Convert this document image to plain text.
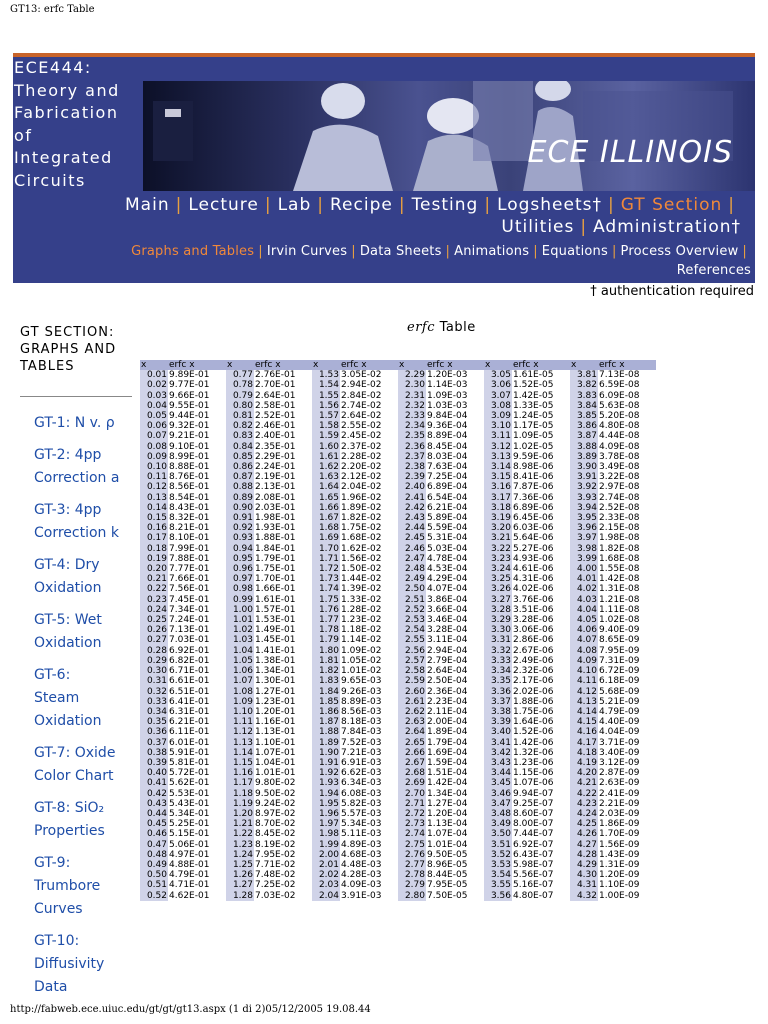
GT13: erfc Table
ECE444:
Theory and
Fabrication
of
Integrated
Circuits
ECE ILLINOIS
Main | Lecture | Lab | Recipe | Testing | Logsheets† | GT Section |
Utilities | Administration†
Graphs and Tables | Irvin Curves | Data Sheets | Animations | Equations | Process Overview |
References
† authentication required
GT SECTION:
GRAPHS AND
TABLES
GT-1: N v. ρ
GT-2: 4pp
Correction a
GT-3: 4pp
Correction k
GT-4: Dry
Oxidation
GT-5: Wet
Oxidation
GT-6:
Steam
Oxidation
GT-7: Oxide
Color Chart
GT-8: SiO₂
Properties
GT-9:
Trumbore
Curves
GT-10:
Diffusivity
Data
erfc Table
x	erfc x	x	erfc x	x	erfc x	x	erfc x	x	erfc x	x	erfc x
0.01	9.89E-01	0.77	2.76E-01	1.53	3.05E-02	2.29	1.20E-03	3.05	1.61E-05	3.81	7.13E-08
0.02	9.77E-01	0.78	2.70E-01	1.54	2.94E-02	2.30	1.14E-03	3.06	1.52E-05	3.82	6.59E-08
0.03	9.66E-01	0.79	2.64E-01	1.55	2.84E-02	2.31	1.09E-03	3.07	1.42E-05	3.83	6.09E-08
0.04	9.55E-01	0.80	2.58E-01	1.56	2.74E-02	2.32	1.03E-03	3.08	1.33E-05	3.84	5.63E-08
0.05	9.44E-01	0.81	2.52E-01	1.57	2.64E-02	2.33	9.84E-04	3.09	1.24E-05	3.85	5.20E-08
0.06	9.32E-01	0.82	2.46E-01	1.58	2.55E-02	2.34	9.36E-04	3.10	1.17E-05	3.86	4.80E-08
0.07	9.21E-01	0.83	2.40E-01	1.59	2.45E-02	2.35	8.89E-04	3.11	1.09E-05	3.87	4.44E-08
0.08	9.10E-01	0.84	2.35E-01	1.60	2.37E-02	2.36	8.45E-04	3.12	1.02E-05	3.88	4.09E-08
0.09	8.99E-01	0.85	2.29E-01	1.61	2.28E-02	2.37	8.03E-04	3.13	9.59E-06	3.89	3.78E-08
0.10	8.88E-01	0.86	2.24E-01	1.62	2.20E-02	2.38	7.63E-04	3.14	8.98E-06	3.90	3.49E-08
0.11	8.76E-01	0.87	2.19E-01	1.63	2.12E-02	2.39	7.25E-04	3.15	8.41E-06	3.91	3.22E-08
0.12	8.56E-01	0.88	2.13E-01	1.64	2.04E-02	2.40	6.89E-04	3.16	7.87E-06	3.92	2.97E-08
0.13	8.54E-01	0.89	2.08E-01	1.65	1.96E-02	2.41	6.54E-04	3.17	7.36E-06	3.93	2.74E-08
0.14	8.43E-01	0.90	2.03E-01	1.66	1.89E-02	2.42	6.21E-04	3.18	6.89E-06	3.94	2.52E-08
0.15	8.32E-01	0.91	1.98E-01	1.67	1.82E-02	2.43	5.89E-04	3.19	6.45E-06	3.95	2.33E-08
0.16	8.21E-01	0.92	1.93E-01	1.68	1.75E-02	2.44	5.59E-04	3.20	6.03E-06	3.96	2.15E-08
0.17	8.10E-01	0.93	1.88E-01	1.69	1.68E-02	2.45	5.31E-04	3.21	5.64E-06	3.97	1.98E-08
0.18	7.99E-01	0.94	1.84E-01	1.70	1.62E-02	2.46	5.03E-04	3.22	5.27E-06	3.98	1.82E-08
0.19	7.88E-01	0.95	1.79E-01	1.71	1.56E-02	2.47	4.78E-04	3.23	4.93E-06	3.99	1.68E-08
0.20	7.77E-01	0.96	1.75E-01	1.72	1.50E-02	2.48	4.53E-04	3.24	4.61E-06	4.00	1.55E-08
0.21	7.66E-01	0.97	1.70E-01	1.73	1.44E-02	2.49	4.29E-04	3.25	4.31E-06	4.01	1.42E-08
0.22	7.56E-01	0.98	1.66E-01	1.74	1.39E-02	2.50	4.07E-04	3.26	4.02E-06	4.02	1.31E-08
0.23	7.45E-01	0.99	1.61E-01	1.75	1.33E-02	2.51	3.86E-04	3.27	3.76E-06	4.03	1.21E-08
0.24	7.34E-01	1.00	1.57E-01	1.76	1.28E-02	2.52	3.66E-04	3.28	3.51E-06	4.04	1.11E-08
0.25	7.24E-01	1.01	1.53E-01	1.77	1.23E-02	2.53	3.46E-04	3.29	3.28E-06	4.05	1.02E-08
0.26	7.13E-01	1.02	1.49E-01	1.78	1.18E-02	2.54	3.28E-04	3.30	3.06E-06	4.06	9.40E-09
0.27	7.03E-01	1.03	1.45E-01	1.79	1.14E-02	2.55	3.11E-04	3.31	2.86E-06	4.07	8.65E-09
0.28	6.92E-01	1.04	1.41E-01	1.80	1.09E-02	2.56	2.94E-04	3.32	2.67E-06	4.08	7.95E-09
0.29	6.82E-01	1.05	1.38E-01	1.81	1.05E-02	2.57	2.79E-04	3.33	2.49E-06	4.09	7.31E-09
0.30	6.71E-01	1.06	1.34E-01	1.82	1.01E-02	2.58	2.64E-04	3.34	2.32E-06	4.10	6.72E-09
0.31	6.61E-01	1.07	1.30E-01	1.83	9.65E-03	2.59	2.50E-04	3.35	2.17E-06	4.11	6.18E-09
0.32	6.51E-01	1.08	1.27E-01	1.84	9.26E-03	2.60	2.36E-04	3.36	2.02E-06	4.12	5.68E-09
0.33	6.41E-01	1.09	1.23E-01	1.85	8.89E-03	2.61	2.23E-04	3.37	1.88E-06	4.13	5.21E-09
0.34	6.31E-01	1.10	1.20E-01	1.86	8.56E-03	2.62	2.11E-04	3.38	1.75E-06	4.14	4.79E-09
0.35	6.21E-01	1.11	1.16E-01	1.87	8.18E-03	2.63	2.00E-04	3.39	1.64E-06	4.15	4.40E-09
0.36	6.11E-01	1.12	1.13E-01	1.88	7.84E-03	2.64	1.89E-04	3.40	1.52E-06	4.16	4.04E-09
0.37	6.01E-01	1.13	1.10E-01	1.89	7.52E-03	2.65	1.79E-04	3.41	1.42E-06	4.17	3.71E-09
0.38	5.91E-01	1.14	1.07E-01	1.90	7.21E-03	2.66	1.69E-04	3.42	1.32E-06	4.18	3.40E-09
0.39	5.81E-01	1.15	1.04E-01	1.91	6.91E-03	2.67	1.59E-04	3.43	1.23E-06	4.19	3.12E-09
0.40	5.72E-01	1.16	1.01E-01	1.92	6.62E-03	2.68	1.51E-04	3.44	1.15E-06	4.20	2.87E-09
0.41	5.62E-01	1.17	9.80E-02	1.93	6.34E-03	2.69	1.42E-04	3.45	1.07E-06	4.21	2.63E-09
0.42	5.53E-01	1.18	9.50E-02	1.94	6.08E-03	2.70	1.34E-04	3.46	9.94E-07	4.22	2.41E-09
0.43	5.43E-01	1.19	9.24E-02	1.95	5.82E-03	2.71	1.27E-04	3.47	9.25E-07	4.23	2.21E-09
0.44	5.34E-01	1.20	8.97E-02	1.96	5.57E-03	2.72	1.20E-04	3.48	8.60E-07	4.24	2.03E-09
0.45	5.25E-01	1.21	8.70E-02	1.97	5.34E-03	2.73	1.13E-04	3.49	8.00E-07	4.25	1.86E-09
0.46	5.15E-01	1.22	8.45E-02	1.98	5.11E-03	2.74	1.07E-04	3.50	7.44E-07	4.26	1.70E-09
0.47	5.06E-01	1.23	8.19E-02	1.99	4.89E-03	2.75	1.01E-04	3.51	6.92E-07	4.27	1.56E-09
0.48	4.97E-01	1.24	7.95E-02	2.00	4.68E-03	2.76	9.50E-05	3.52	6.43E-07	4.28	1.43E-09
0.49	4.88E-01	1.25	7.71E-02	2.01	4.48E-03	2.77	8.96E-05	3.53	5.98E-07	4.29	1.31E-09
0.50	4.79E-01	1.26	7.48E-02	2.02	4.28E-03	2.78	8.44E-05	3.54	5.56E-07	4.30	1.20E-09
0.51	4.71E-01	1.27	7.25E-02	2.03	4.09E-03	2.79	7.95E-05	3.55	5.16E-07	4.31	1.10E-09
0.52	4.62E-01	1.28	7.03E-02	2.04	3.91E-03	2.80	7.50E-05	3.56	4.80E-07	4.32	1.00E-09
http://fabweb.ece.uiuc.edu/gt/gt/gt13.aspx (1 di 2)05/12/2005 19.08.44
